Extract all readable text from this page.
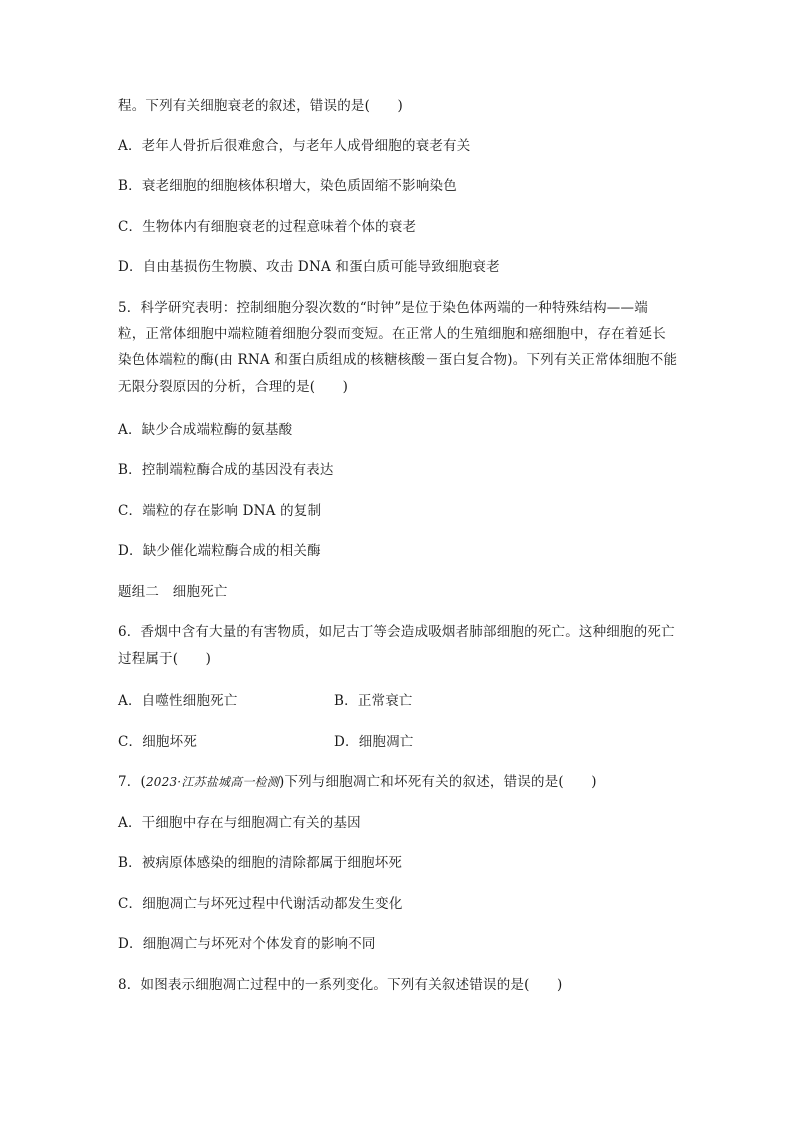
程。下列有关细胞衰老的叙述，错误的是(　　)
A．老年人骨折后很难愈合，与老年人成骨细胞的衰老有关
B．衰老细胞的细胞核体积增大，染色质固缩不影响染色
C．生物体内有细胞衰老的过程意味着个体的衰老
D．自由基损伤生物膜、攻击 DNA 和蛋白质可能导致细胞衰老
5．科学研究表明：控制细胞分裂次数的“时钟”是位于染色体两端的一种特殊结构——端
粒，正常体细胞中端粒随着细胞分裂而变短。在正常人的生殖细胞和癌细胞中，存在着延长
染色体端粒的酶(由 RNA 和蛋白质组成的核糖核酸－蛋白复合物)。下列有关正常体细胞不能
无限分裂原因的分析，合理的是(　　)
A．缺少合成端粒酶的氨基酸
B．控制端粒酶合成的基因没有表达
C．端粒的存在影响 DNA 的复制
D．缺少催化端粒酶合成的相关酶
题组二　细胞死亡
6．香烟中含有大量的有害物质，如尼古丁等会造成吸烟者肺部细胞的死亡。这种细胞的死亡
过程属于(　　)
A．自噬性细胞死亡	B．正常衰亡
C．细胞坏死	D．细胞凋亡
7．(2023·江苏盐城高一检测)下列与细胞凋亡和坏死有关的叙述，错误的是(　　)
A．干细胞中存在与细胞凋亡有关的基因
B．被病原体感染的细胞的清除都属于细胞坏死
C．细胞凋亡与坏死过程中代谢活动都发生变化
D．细胞凋亡与坏死对个体发育的影响不同
8．如图表示细胞凋亡过程中的一系列变化。下列有关叙述错误的是(　　)
